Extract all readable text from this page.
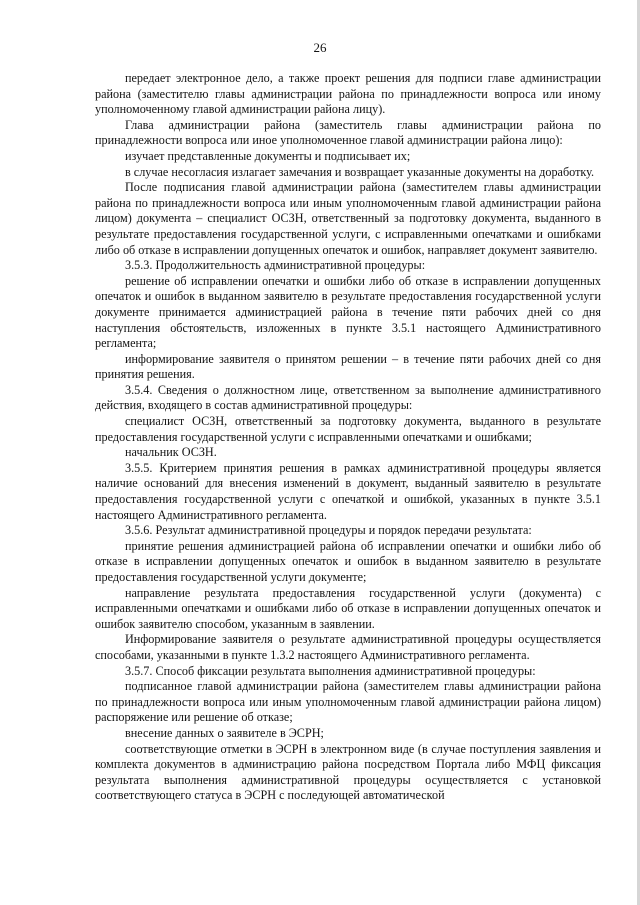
26

передает электронное дело, а также проект решения для подписи главе администрации района (заместителю главы администрации района по принадлежности вопроса или иному уполномоченному главой администрации района лицу).

Глава администрации района (заместитель главы администрации района по принадлежности вопроса или иное уполномоченное главой администрации района лицо):

изучает представленные документы и подписывает их;

в случае несогласия излагает замечания и возвращает указанные документы на доработку.

После подписания главой администрации района (заместителем главы администрации района по принадлежности вопроса или иным уполномоченным главой администрации района лицом) документа – специалист ОСЗН, ответственный за подготовку документа, выданного в результате предоставления государственной услуги, с исправленными опечатками и ошибками либо об отказе в исправлении допущенных опечаток и ошибок, направляет документ заявителю.

3.5.3. Продолжительность административной процедуры:

решение об исправлении опечатки и ошибки либо об отказе в исправлении допущенных опечаток и ошибок в выданном заявителю в результате предоставления государственной услуги документе принимается администрацией района в течение пяти рабочих дней со дня наступления обстоятельств, изложенных в пункте 3.5.1 настоящего Административного регламента;

информирование заявителя о принятом решении – в течение пяти рабочих дней со дня принятия решения.

3.5.4. Сведения о должностном лице, ответственном за выполнение административного действия, входящего в состав административной процедуры:

специалист ОСЗН, ответственный за подготовку документа, выданного в результате предоставления государственной услуги с исправленными опечатками и ошибками;

начальник ОСЗН.

3.5.5. Критерием принятия решения в рамках административной процедуры является наличие оснований для внесения изменений в документ, выданный заявителю в результате предоставления государственной услуги с опечаткой и ошибкой, указанных в пункте 3.5.1 настоящего Административного регламента.

3.5.6. Результат административной процедуры и порядок передачи результата:

принятие решения администрацией района об исправлении опечатки и ошибки либо об отказе в исправлении допущенных опечаток и ошибок в выданном заявителю в результате предоставления государственной услуги документе;

направление результата предоставления государственной услуги (документа) с исправленными опечатками и ошибками либо об отказе в исправлении допущенных опечаток и ошибок заявителю способом, указанным в заявлении.

Информирование заявителя о результате административной процедуры осуществляется способами, указанными в пункте 1.3.2 настоящего Административного регламента.

3.5.7. Способ фиксации результата выполнения административной процедуры:

подписанное главой администрации района (заместителем главы администрации района по принадлежности вопроса или иным уполномоченным главой администрации района лицом) распоряжение или решение об отказе;

внесение данных о заявителе в ЭСРН;

соответствующие отметки в ЭСРН в электронном виде (в случае поступления заявления и комплекта документов в администрацию района посредством Портала либо МФЦ фиксация результата выполнения административной процедуры осуществляется с установкой соответствующего статуса в ЭСРН с последующей автоматической
